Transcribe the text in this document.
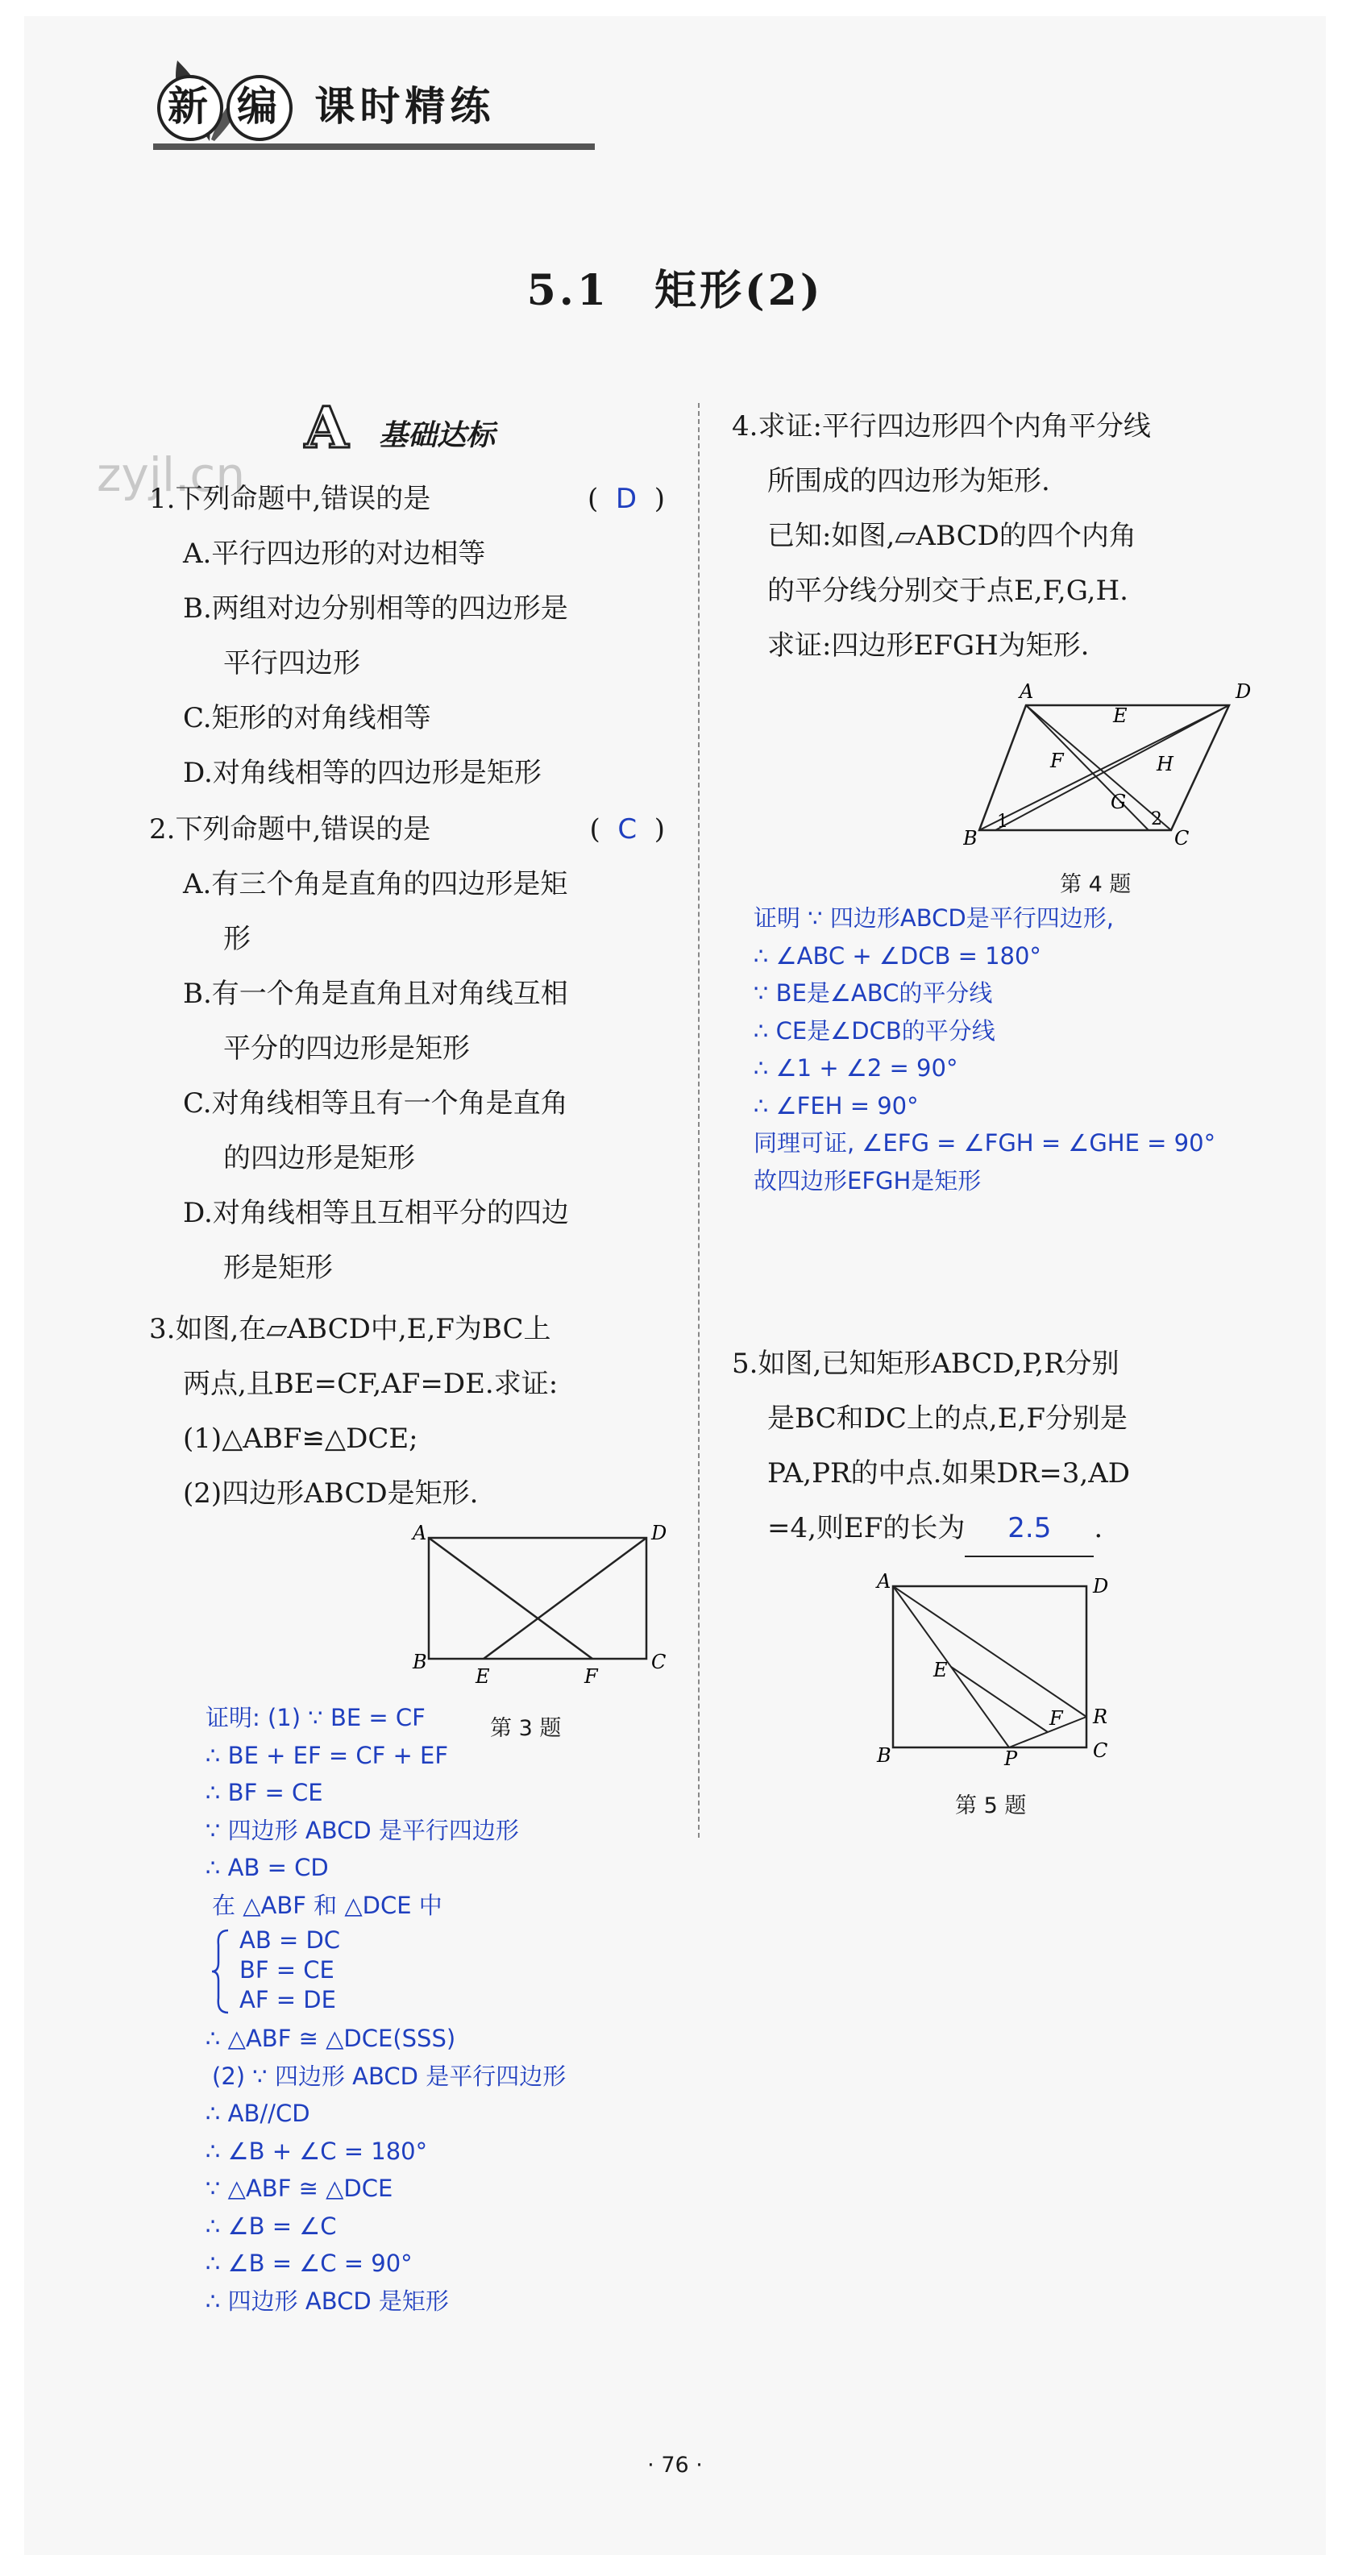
新 编 课时精练
5.1　矩形(2)
A 基础达标
zyjl.cn
1.下列命题中,错误的是	( D )
A.平行四边形的对边相等
B.两组对边分别相等的四边形是
平行四边形
C.矩形的对角线相等
D.对角线相等的四边形是矩形
2.下列命题中,错误的是	( C )
A.有三个角是直角的四边形是矩
形
B.有一个角是直角且对角线互相
平分的四边形是矩形
C.对角线相等且有一个角是直角
的四边形是矩形
D.对角线相等且互相平分的四边
形是矩形
3.如图,在▱ABCD中,E,F为BC上
两点,且BE=CF,AF=DE.求证:
(1)△ABF≌△DCE;
(2)四边形ABCD是矩形.
A	D
B	C
E	F
第 3 题
证明: (1) ∵ BE = CF
∴ BE + EF = CF + EF
∴ BF = CE
∵ 四边形 ABCD 是平行四边形
∴ AB = CD
在 △ABF 和 △DCE 中
AB = DC
BF = CE
AF = DE
∴ △ABF ≅ △DCE(SSS)
(2) ∵ 四边形 ABCD 是平行四边形
∴ AB//CD
∴ ∠B + ∠C = 180°
∵ △ABF ≅ △DCE
∴ ∠B = ∠C
∴ ∠B = ∠C = 90°
∴ 四边形 ABCD 是矩形
4.求证:平行四边形四个内角平分线
所围成的四边形为矩形.
已知:如图,▱ABCD的四个内角
的平分线分别交于点E,F,G,H.
求证:四边形EFGH为矩形.
A	D
B	C
E
F
G
H
1	2
第 4 题
证明 ∵ 四边形ABCD是平行四边形,
∴ ∠ABC + ∠DCB = 180°
∵ BE是∠ABC的平分线
∴ CE是∠DCB的平分线
∴ ∠1 + ∠2 = 90°
∴ ∠FEH = 90°
同理可证, ∠EFG = ∠FGH = ∠GHE = 90°
故四边形EFGH是矩形
5.如图,已知矩形ABCD,P,R分别
是BC和DC上的点,E,F分别是
PA,PR的中点.如果DR=3,AD
=4,则EF的长为 2.5 .
A	D
B	C
E
F R
P
第 5 题
· 76 ·
